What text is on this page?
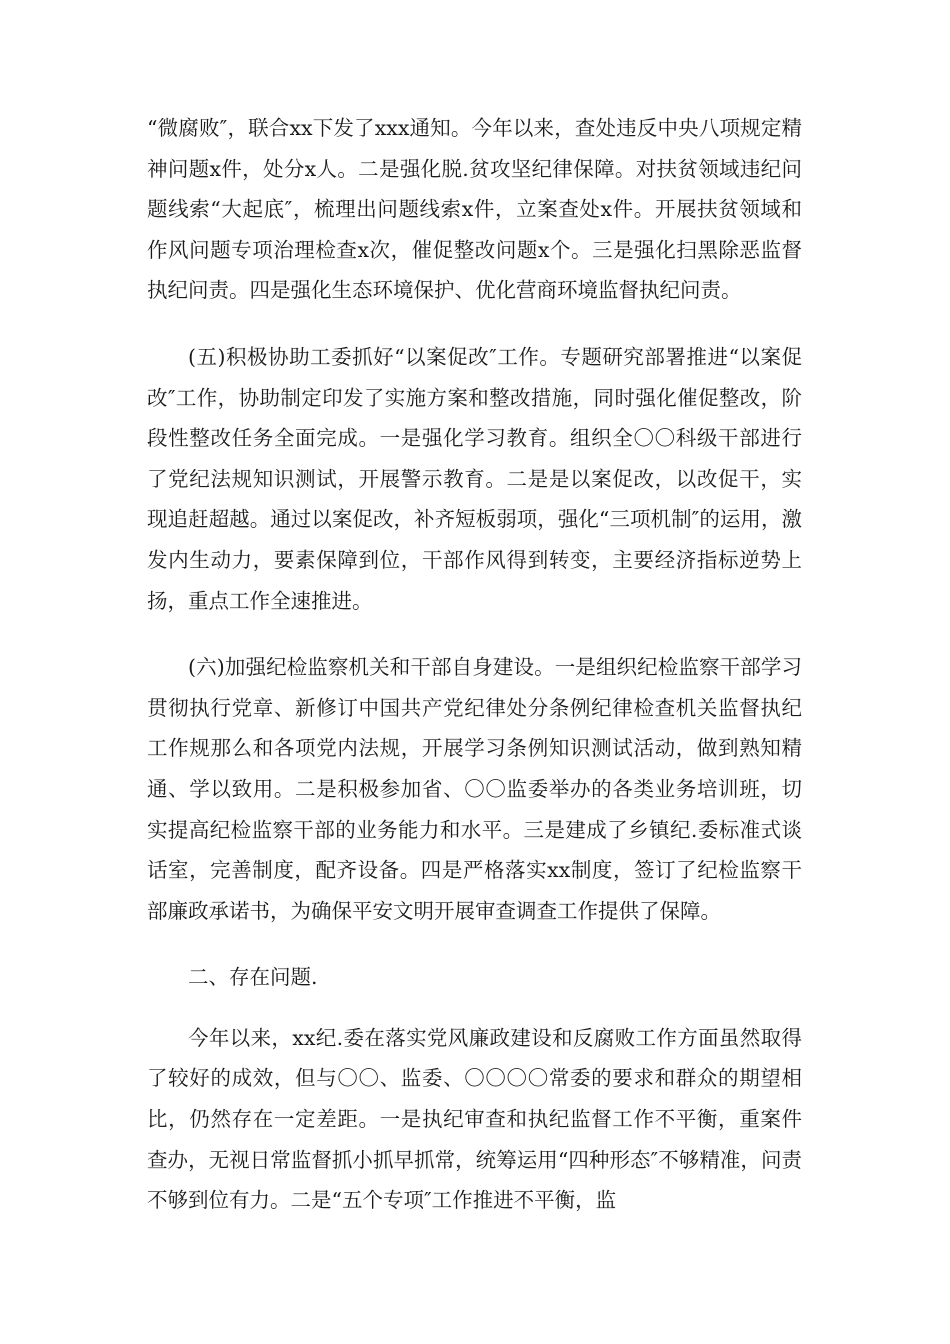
“微腐败″，联合xx下发了xxx通知。今年以来，查处违反中央八项规定精神问题x件，处分x人。二是强化脱.贫攻坚纪律保障。对扶贫领域违纪问题线索“大起底″，梳理出问题线索x件，立案查处x件。开展扶贫领域和作风问题专项治理检查x次，催促整改问题x个。三是强化扫黑除恶监督执纪问责。四是强化生态环境保护、优化营商环境监督执纪问责。

(五)积极协助工委抓好“以案促改″工作。专题研究部署推进“以案促改″工作，协助制定印发了实施方案和整改措施，同时强化催促整改，阶段性整改任务全面完成。一是强化学习教育。组织全〇〇科级干部进行了党纪法规知识测试，开展警示教育。二是是以案促改，以改促干，实现追赶超越。通过以案促改，补齐短板弱项，强化“三项机制″的运用，激发内生动力，要素保障到位，干部作风得到转变，主要经济指标逆势上扬，重点工作全速推进。

(六)加强纪检监察机关和干部自身建设。一是组织纪检监察干部学习贯彻执行党章、新修订中国共产党纪律处分条例纪律检查机关监督执纪工作规那么和各项党内法规，开展学习条例知识测试活动，做到熟知精通、学以致用。二是积极参加省、〇〇监委举办的各类业务培训班，切实提高纪检监察干部的业务能力和水平。三是建成了乡镇纪.委标准式谈话室，完善制度，配齐设备。四是严格落实xx制度，签订了纪检监察干部廉政承诺书，为确保平安文明开展审查调查工作提供了保障。

二、存在问题.

今年以来，xx纪.委在落实党风廉政建设和反腐败工作方面虽然取得了较好的成效，但与〇〇、监委、〇〇〇〇常委的要求和群众的期望相比，仍然存在一定差距。一是执纪审查和执纪监督工作不平衡，重案件查办，无视日常监督抓小抓早抓常，统筹运用“四种形态″不够精准，问责不够到位有力。二是“五个专项″工作推进不平衡，监
